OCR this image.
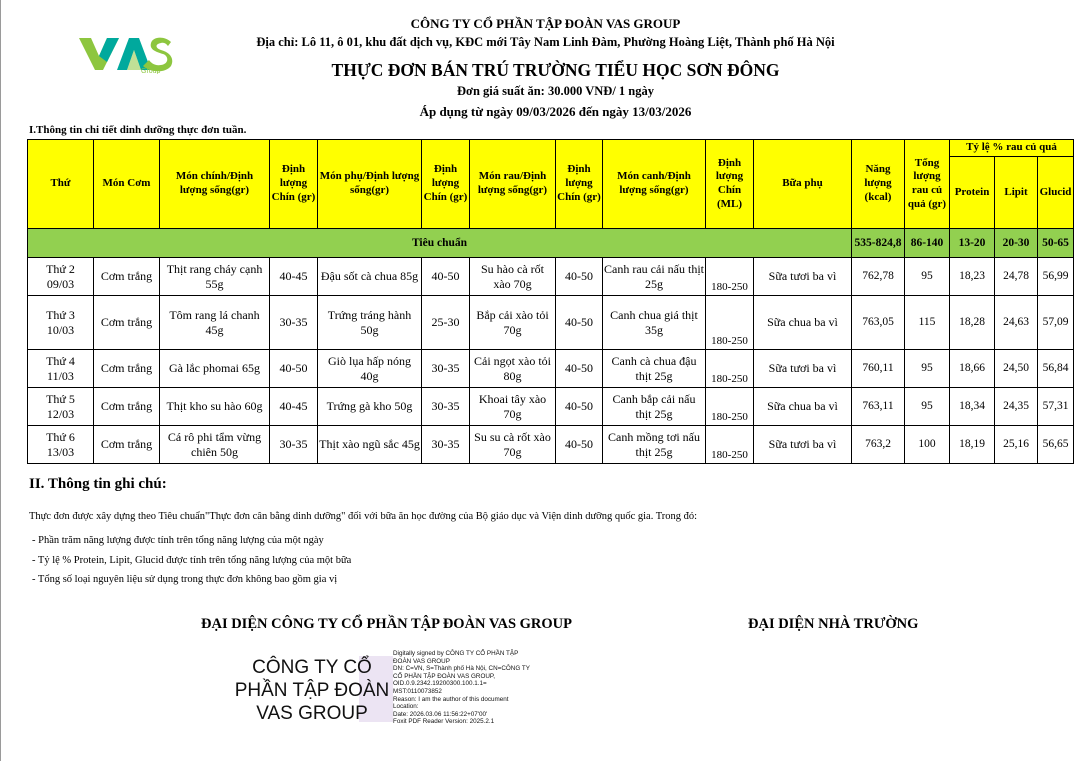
Group
CÔNG TY CỔ PHẦN TẬP ĐOÀN VAS GROUP
Địa chỉ: Lô 11, ô 01, khu đất dịch vụ, KĐC mới Tây Nam Linh Đàm, Phường Hoàng Liệt, Thành phố Hà Nội
THỰC ĐƠN BÁN TRÚ TRƯỜNG TIỂU HỌC SƠN ĐÔNG
Đơn giá suất ăn: 30.000 VNĐ/ 1 ngày
Áp dụng từ ngày 09/03/2026 đến ngày 13/03/2026
I.Thông tin chi tiết dinh dưỡng thực đơn tuần.
Thứ	Món Cơm	Món chính/Định lượng sống(gr)	Định lượng Chín (gr)	Món phụ/Định lượng sống(gr)	Định lượng Chín (gr)	Món rau/Định lượng sống(gr)	Định lượng Chín (gr)	Món canh/Định lượng sống(gr)	Định lượng Chín (ML)	Bữa phụ	Năng lượng (kcal)	Tổng lượng rau củ quả (gr)	Tỷ lệ % rau củ quả		
													Protein	Lipit	Glucid
Tiêu chuẩn											535-824,8	86-140	13-20	20-30	50-65

Thứ 2
09/03	Cơm trắng	Thịt rang cháy cạnh 55g	40-45	Đậu sốt cà chua 85g	40-50	Su hào cà rốt xào 70g	40-50	Canh rau cải nấu thịt 25g	180-250	Sữa tươi ba vì	762,78	95	18,23	24,78	56,99

Thứ 3
10/03	Cơm trắng	Tôm rang lá chanh 45g	30-35	Trứng tráng hành 50g	25-30	Bắp cải xào tỏi 70g	40-50	Canh chua giá thịt 35g	180-250	Sữa chua ba vì	763,05	115	18,28	24,63	57,09

Thứ 4
11/03	Cơm trắng	Gà lắc phomai 65g	40-50	Giò lụa hấp nóng 40g	30-35	Cải ngọt xào tỏi 80g	40-50	Canh cà chua đậu thịt 25g	180-250	Sữa tươi ba vì	760,11	95	18,66	24,50	56,84

Thứ 5
12/03	Cơm trắng	Thịt kho su hào 60g	40-45	Trứng gà kho 50g	30-35	Khoai tây xào 70g	40-50	Canh bắp cải nấu thịt 25g	180-250	Sữa chua ba vì	763,11	95	18,34	24,35	57,31

Thứ 6
13/03	Cơm trắng	Cá rô phi tẩm vừng chiên 50g	30-35	Thịt xào ngũ sắc 45g	30-35	Su su cà rốt xào 70g	40-50	Canh mồng tơi nấu thịt 25g	180-250	Sữa tươi ba vì	763,2	100	18,19	25,16	56,65
II. Thông tin ghi chú:
Thực đơn được xây dựng theo Tiêu chuẩn"Thực đơn cân bằng dinh dưỡng" đối với bữa ăn học đường của Bộ giáo dục và Viện dinh dưỡng quốc gia. Trong đó:
- Phần trăm năng lượng được tính trên tổng năng lượng của một ngày
- Tỷ lệ % Protein, Lipit, Glucid được tính trên tổng năng lượng của một bữa
- Tổng số loại nguyên liệu sử dụng trong thực đơn không bao gồm gia vị
ĐẠI DIỆN CÔNG TY CỔ PHẦN TẬP ĐOÀN VAS GROUP	ĐẠI DIỆN NHÀ TRƯỜNG
CÔNG TY CỔ
PHẦN TẬP ĐOÀN
VAS GROUP
Digitally signed by CÔNG TY CỔ PHẦN TẬP
ĐOÀN VAS GROUP
DN: C=VN, S=Thành phố Hà Nội, CN=CÔNG TY
CỔ PHẦN TẬP ĐOÀN VAS GROUP,
OID.0.9.2342.19200300.100.1.1=
MST:0110073852
Reason: I am the author of this document
Location:
Date: 2026.03.06 11:56:22+07'00'
Foxit PDF Reader Version: 2025.2.1
